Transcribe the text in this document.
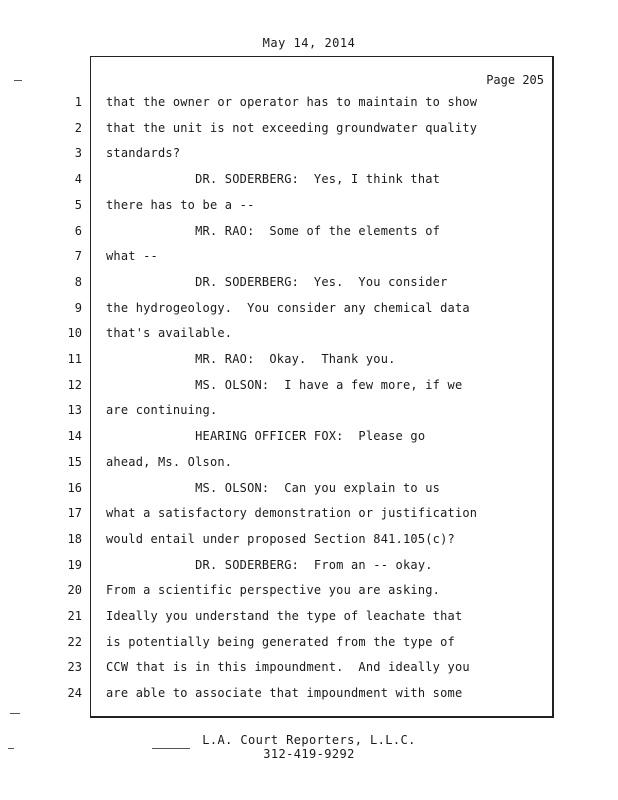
May 14, 2014
Page 205
1 that the owner or operator has to maintain to show
2 that the unit is not exceeding groundwater quality
3 standards?
4 DR. SODERBERG:  Yes, I think that
5 there has to be a --
6 MR. RAO:  Some of the elements of
7 what --
8 DR. SODERBERG:  Yes.  You consider
9 the hydrogeology.  You consider any chemical data
10 that's available.
11 MR. RAO:  Okay.  Thank you.
12 MS. OLSON:  I have a few more, if we
13 are continuing.
14 HEARING OFFICER FOX:  Please go
15 ahead, Ms. Olson.
16 MS. OLSON:  Can you explain to us
17 what a satisfactory demonstration or justification
18 would entail under proposed Section 841.105(c)?
19 DR. SODERBERG:  From an -- okay.
20 From a scientific perspective you are asking.
21 Ideally you understand the type of leachate that
22 is potentially being generated from the type of
23 CCW that is in this impoundment.  And ideally you
24 are able to associate that impoundment with some
L.A. Court Reporters, L.L.C.
312-419-9292
